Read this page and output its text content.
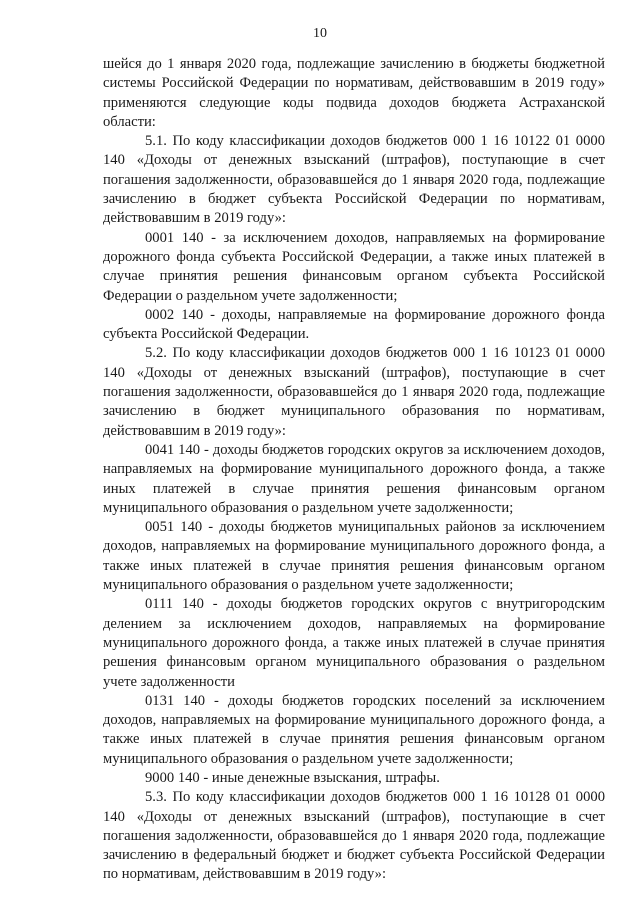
10

шейся до 1 января 2020 года, подлежащие зачислению в бюджеты бюджетной системы Российской Федерации по нормативам, действовавшим в 2019 году» применяются следующие коды подвида доходов бюджета Астраханской области:

5.1. По коду классификации доходов бюджетов 000 1 16 10122 01 0000 140 «Доходы от денежных взысканий (штрафов), поступающие в счет погашения задолженности, образовавшейся до 1 января 2020 года, подлежащие зачислению в бюджет субъекта Российской Федерации по нормативам, действовавшим в 2019 году»:

0001 140 - за исключением доходов, направляемых на формирование дорожного фонда субъекта Российской Федерации, а также иных платежей в случае принятия решения финансовым органом субъекта Российской Федерации о раздельном учете задолженности;

0002 140 - доходы, направляемые на формирование дорожного фонда субъекта Российской Федерации.

5.2. По коду классификации доходов бюджетов 000 1 16 10123 01 0000 140 «Доходы от денежных взысканий (штрафов), поступающие в счет погашения задолженности, образовавшейся до 1 января 2020 года, подлежащие зачислению в бюджет муниципального образования по нормативам, действовавшим в 2019 году»:

0041 140 - доходы бюджетов городских округов за исключением доходов, направляемых на формирование муниципального дорожного фонда, а также иных платежей в случае принятия решения финансовым органом муниципального образования о раздельном учете задолженности;

0051 140 - доходы бюджетов муниципальных районов за исключением доходов, направляемых на формирование муниципального дорожного фонда, а также иных платежей в случае принятия решения финансовым органом муниципального образования о раздельном учете задолженности;

0111 140 - доходы бюджетов городских округов с внутригородским делением за исключением доходов, направляемых на формирование муниципального дорожного фонда, а также иных платежей в случае принятия решения финансовым органом муниципального образования о раздельном учете задолженности

0131 140 - доходы бюджетов городских поселений за исключением доходов, направляемых на формирование муниципального дорожного фонда, а также иных платежей в случае принятия решения финансовым органом муниципального образования о раздельном учете задолженности;

9000 140 - иные денежные взыскания, штрафы.

5.3. По коду классификации доходов бюджетов 000 1 16 10128 01 0000 140 «Доходы от денежных взысканий (штрафов), поступающие в счет погашения задолженности, образовавшейся до 1 января 2020 года, подлежащие зачислению в федеральный бюджет и бюджет субъекта Российской Федерации по нормативам, действовавшим в 2019 году»:
